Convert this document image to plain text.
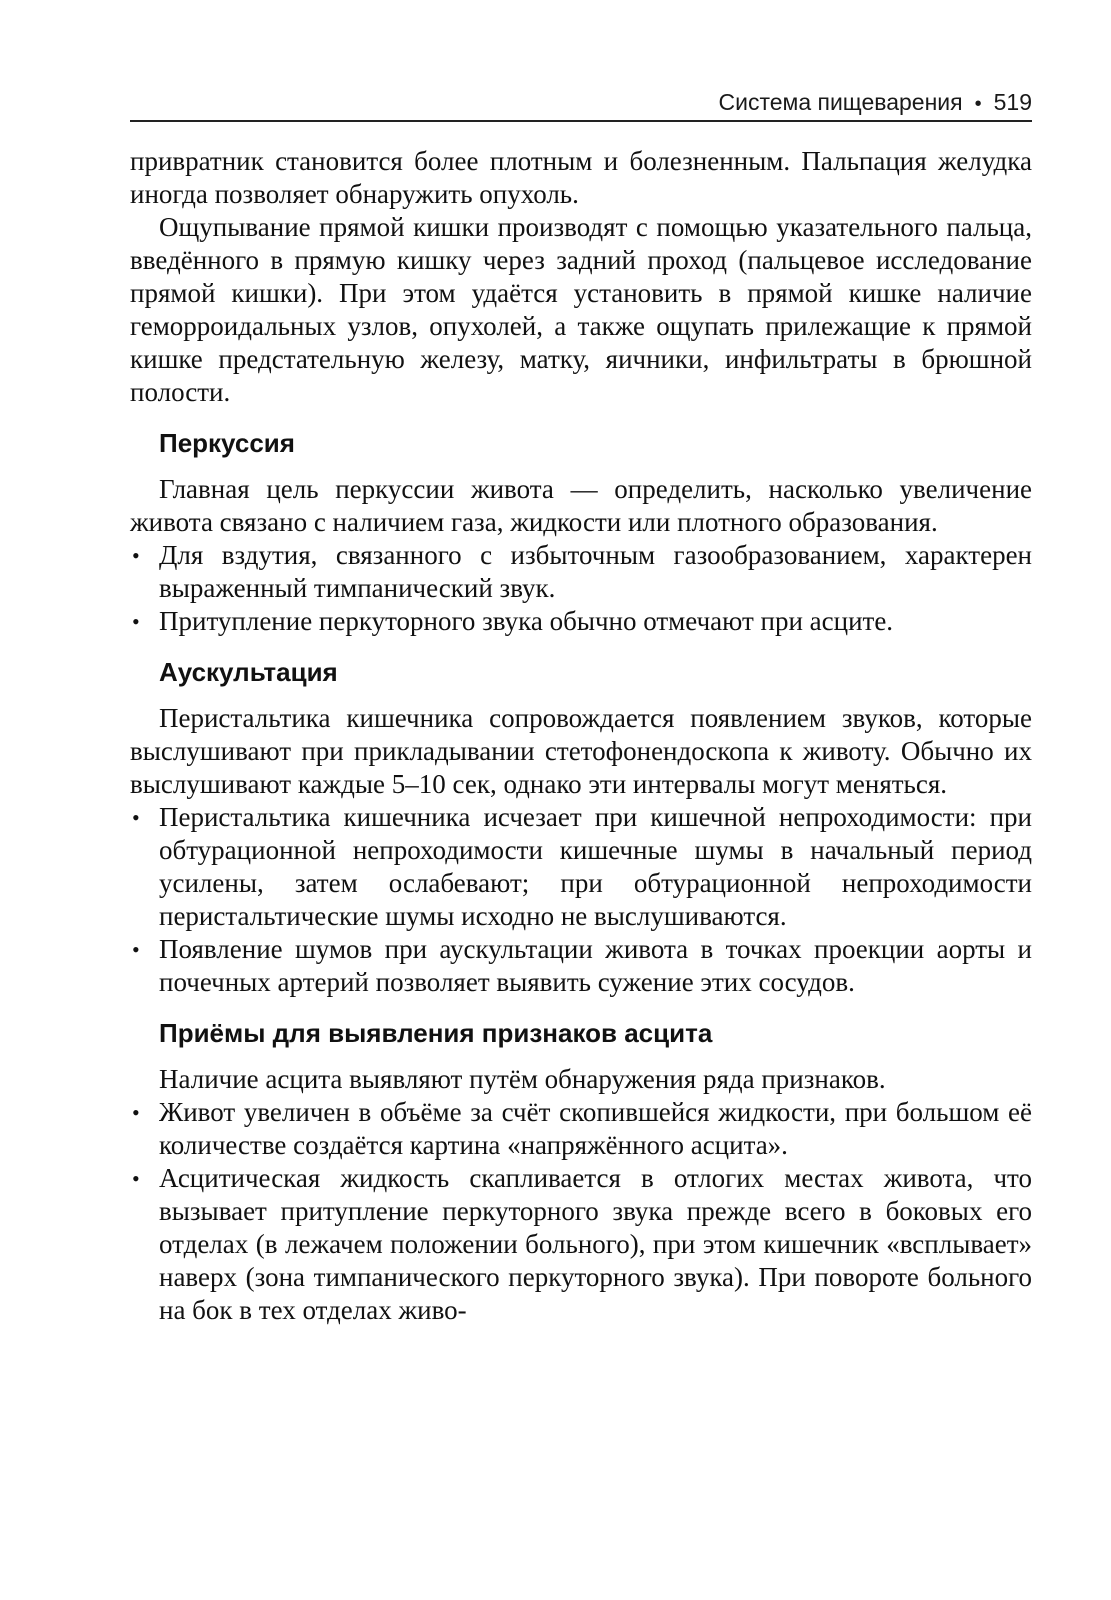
Система пищеварения • 519

привратник становится более плотным и болезненным. Пальпация желудка иногда позволяет обнаружить опухоль.

Ощупывание прямой кишки производят с помощью указательного пальца, введённого в прямую кишку через задний проход (пальцевое исследование прямой кишки). При этом удаётся установить в прямой кишке наличие геморроидальных узлов, опухолей, а также ощупать прилежащие к прямой кишке предстательную железу, матку, яичники, инфильтраты в брюшной полости.

Перкуссия

Главная цель перкуссии живота — определить, насколько увеличение живота связано с наличием газа, жидкости или плотного образования.

• Для вздутия, связанного с избыточным газообразованием, характерен выраженный тимпанический звук.
• Притупление перкуторного звука обычно отмечают при асците.
Аускультация

Перистальтика кишечника сопровождается появлением звуков, которые выслушивают при прикладывании стетофонендоскопа к животу. Обычно их выслушивают каждые 5–10 сек, однако эти интервалы могут меняться.

• Перистальтика кишечника исчезает при кишечной непроходимости: при обтурационной непроходимости кишечные шумы в начальный период усилены, затем ослабевают; при обтурационной непроходимости перистальтические шумы исходно не выслушиваются.
• Появление шумов при аускультации живота в точках проекции аорты и почечных артерий позволяет выявить сужение этих сосудов.
Приёмы для выявления признаков асцита

Наличие асцита выявляют путём обнаружения ряда признаков.

• Живот увеличен в объёме за счёт скопившейся жидкости, при большом её количестве создаётся картина «напряжённого асцита».
• Асцитическая жидкость скапливается в отлогих местах живота, что вызывает притупление перкуторного звука прежде всего в боковых его отделах (в лежачем положении больного), при этом кишечник «всплывает» наверх (зона тимпанического перкуторного звука). При повороте больного на бок в тех отделах живо-
